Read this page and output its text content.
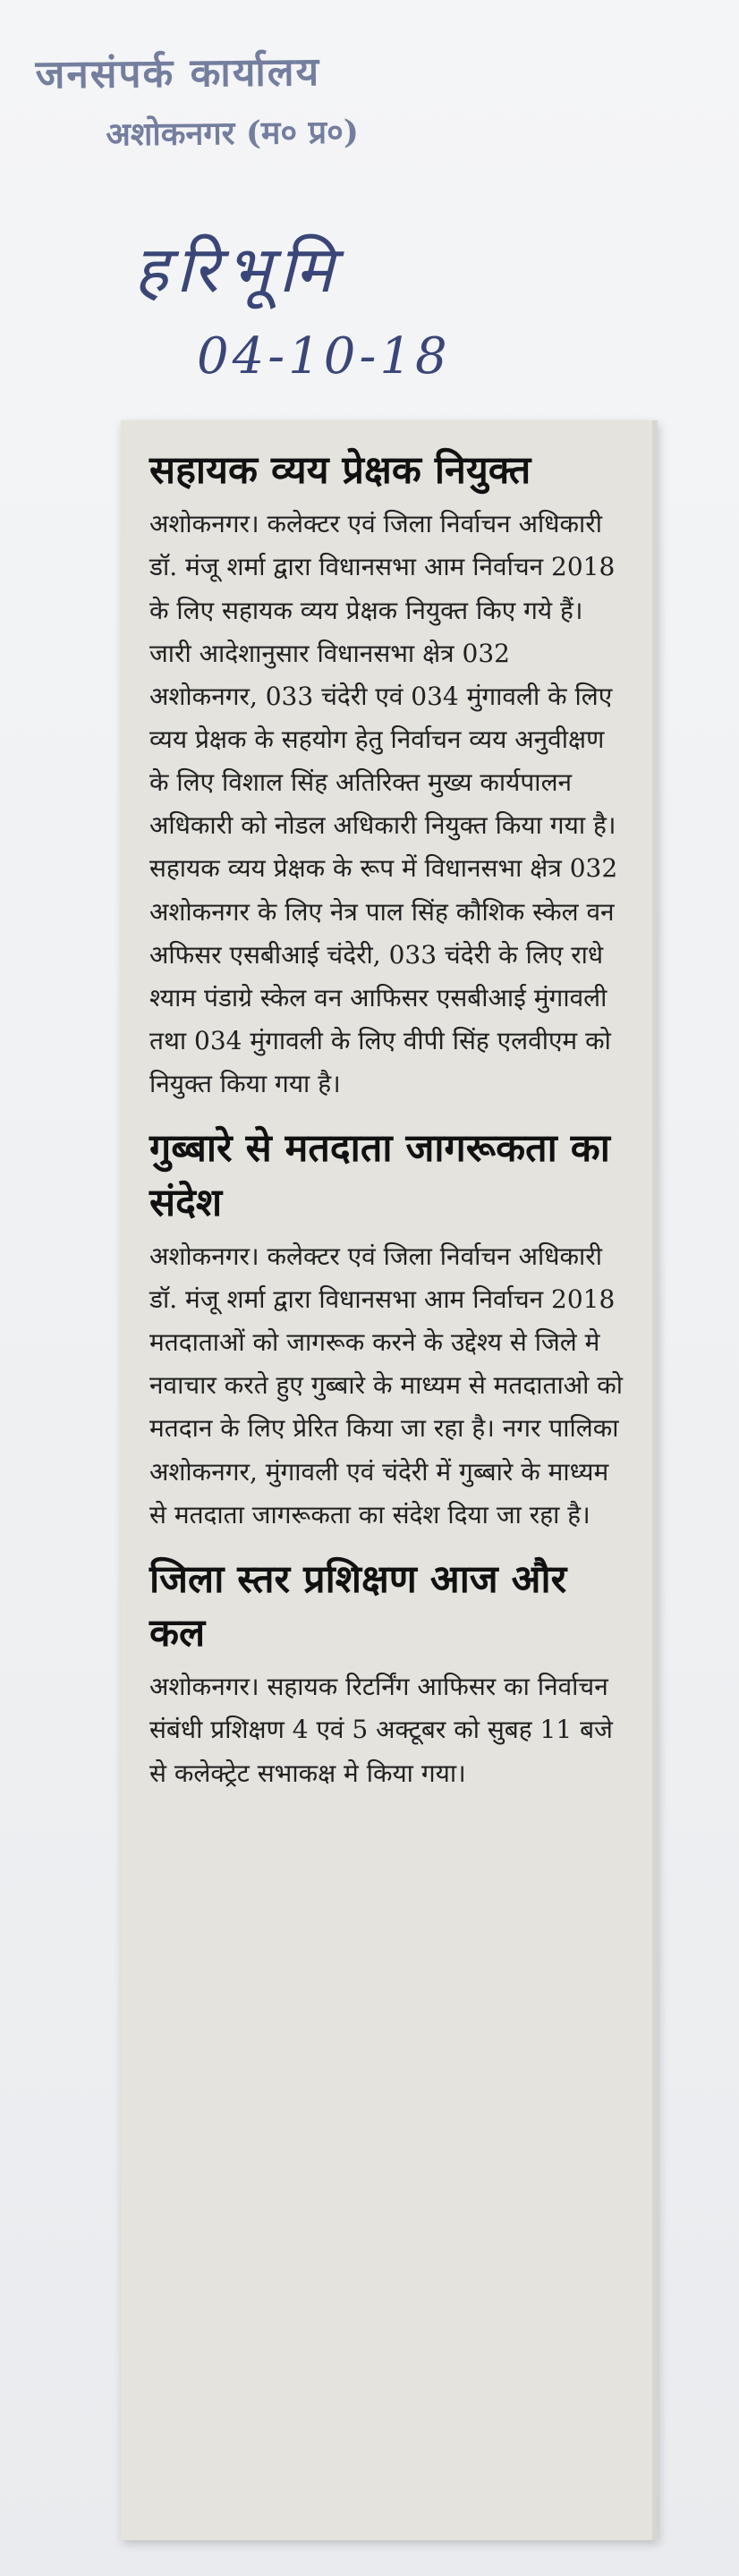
जनसंपर्क कार्यालय
अशोकनगर (म० प्र०)
हरिभूमि
04-10-18
सहायक व्यय प्रेक्षक नियुक्त
अशोकनगर। कलेक्टर एवं जिला निर्वाचन अधिकारी डॉ. मंजू शर्मा द्वारा विधानसभा आम निर्वाचन 2018 के लिए सहायक व्यय प्रेक्षक नियुक्त किए गये हैं। जारी आदेशानुसार विधानसभा क्षेत्र 032 अशोकनगर, 033 चंदेरी एवं 034 मुंगावली के लिए व्यय प्रेक्षक के सहयोग हेतु निर्वाचन व्यय अनुवीक्षण के लिए विशाल सिंह अतिरिक्त मुख्य कार्यपालन अधिकारी को नोडल अधिकारी नियुक्त किया गया है। सहायक व्यय प्रेक्षक के रूप में विधानसभा क्षेत्र 032 अशोकनगर के लिए नेत्र पाल सिंह कौशिक स्केल वन अफिसर एसबीआई चंदेरी, 033 चंदेरी के लिए राधे श्याम पंडाग्रे स्केल वन आफिसर एसबीआई मुंगावली तथा 034 मुंगावली के लिए वीपी सिंह एलवीएम को नियुक्त किया गया है।
गुब्बारे से मतदाता जागरूकता का संदेश
अशोकनगर। कलेक्टर एवं जिला निर्वाचन अधिकारी डॉ. मंजू शर्मा द्वारा विधानसभा आम निर्वाचन 2018 मतदाताओं को जागरूक करने के उद्देश्य से जिले मे नवाचार करते हुए गुब्बारे के माध्यम से मतदाताओ को मतदान के लिए प्रेरित किया जा रहा है। नगर पालिका अशोकनगर, मुंगावली एवं चंदेरी में गुब्बारे के माध्यम से मतदाता जागरूकता का संदेश दिया जा रहा है।
जिला स्तर प्रशिक्षण आज और कल
अशोकनगर। सहायक रिटर्निंग आफिसर का निर्वाचन संबंधी प्रशिक्षण 4 एवं 5 अक्टूबर को सुबह 11 बजे से कलेक्ट्रेट सभाकक्ष मे किया गया।
